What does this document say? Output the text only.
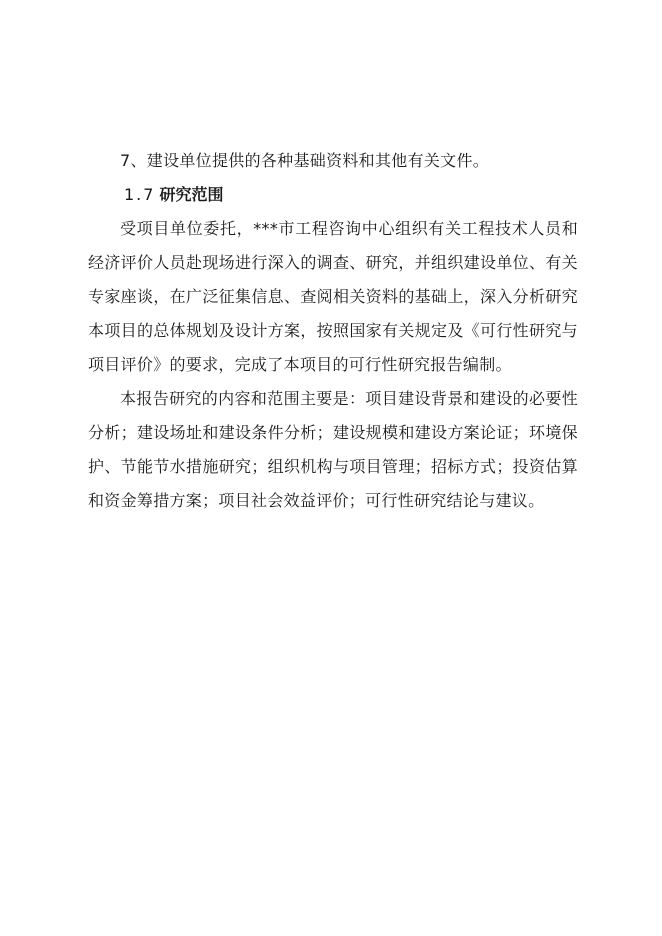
7、建设单位提供的各种基础资料和其他有关文件。

1.7 研究范围

受项目单位委托，***市工程咨询中心组织有关工程技术人员和经济评价人员赴现场进行深入的调查、研究，并组织建设单位、有关专家座谈，在广泛征集信息、查阅相关资料的基础上，深入分析研究本项目的总体规划及设计方案，按照国家有关规定及《可行性研究与项目评价》的要求，完成了本项目的可行性研究报告编制。

本报告研究的内容和范围主要是：项目建设背景和建设的必要性分析；建设场址和建设条件分析；建设规模和建设方案论证；环境保护、节能节水措施研究；组织机构与项目管理；招标方式；投资估算和资金筹措方案；项目社会效益评价；可行性研究结论与建议。
